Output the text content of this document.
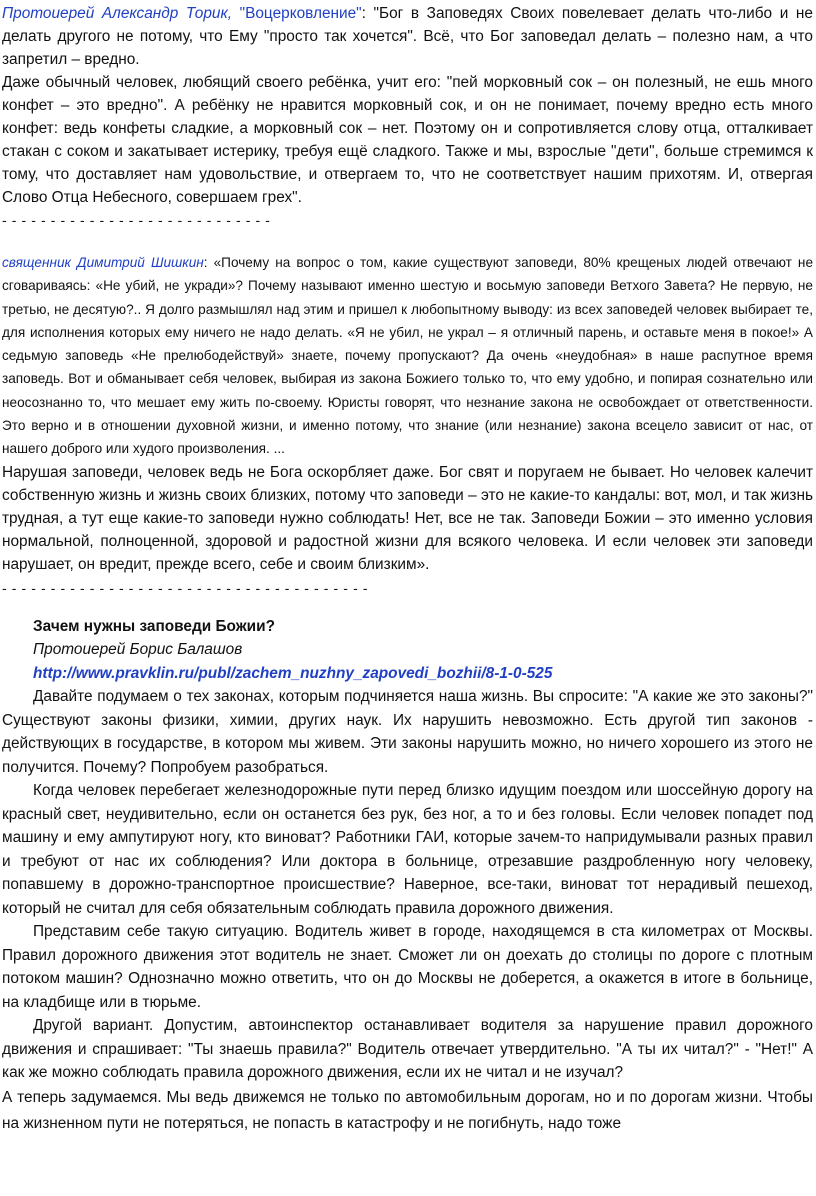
Протоиерей Александр Торик, "Воцерковление": "Бог в Заповедях Своих повелевает делать что-либо и не делать другого не потому, что Ему "просто так хочется". Всё, что Бог заповедал делать – полезно нам, а что запретил – вредно.

Даже обычный человек, любящий своего ребёнка, учит его: "пей морковный сок – он полезный, не ешь много конфет – это вредно". А ребёнку не нравится морковный сок, и он не понимает, почему вредно есть много конфет: ведь конфеты сладкие, а морковный сок – нет. Поэтому он и сопротивляется слову отца, отталкивает стакан с соком и закатывает истерику, требуя ещё сладкого. Также и мы, взрослые "дети", больше стремимся к тому, что доставляет нам удовольствие, и отвергаем то, что не соответствует нашим прихотям. И, отвергая Слово Отца Небесного, совершаем грех".

- - - - - - - - - - - - - - - - - - - - - - - - - - - -

священник Димитрий Шишкин: «Почему на вопрос о том, какие существуют заповеди, 80% крещеных людей отвечают не сговариваясь: «Не убий, не укради»? Почему называют именно шестую и восьмую заповеди Ветхого Завета? Не первую, не третью, не десятую?.. Я долго размышлял над этим и пришел к любопытному выводу: из всех заповедей человек выбирает те, для исполнения которых ему ничего не надо делать. «Я не убил, не украл – я отличный парень, и оставьте меня в покое!» А седьмую заповедь «Не прелюбодействуй» знаете, почему пропускают? Да очень «неудобная» в наше распутное время заповедь. Вот и обманывает себя человек, выбирая из закона Божиего только то, что ему удобно, и попирая сознательно или неосознанно то, что мешает ему жить по-своему. Юристы говорят, что незнание закона не освобождает от ответственности. Это верно и в отношении духовной жизни, и именно потому, что знание (или незнание) закона всецело зависит от нас, от нашего доброго или худого произволения. ...

Нарушая заповеди, человек ведь не Бога оскорбляет даже. Бог свят и поругаем не бывает. Но человек калечит собственную жизнь и жизнь своих близких, потому что заповеди – это не какие-то кандалы: вот, мол, и так жизнь трудная, а тут еще какие-то заповеди нужно соблюдать! Нет, все не так. Заповеди Божии – это именно условия нормальной, полноценной, здоровой и радостной жизни для всякого человека. И если человек эти заповеди нарушает, он вредит, прежде всего, себе и своим близким».

- - - - - - - - - - - - - - - - - - - - - - - - - - - - - - - - - - - - - -
Зачем нужны заповеди Божии?
Протоиерей Борис Балашов
http://www.pravklin.ru/publ/zachem_nuzhny_zapovedi_bozhii/8-1-0-525

Давайте подумаем о тех законах, которым подчиняется наша жизнь. Вы спросите: "А какие же это законы?" Существуют законы физики, химии, других наук. Их нарушить невозможно. Есть другой тип законов - действующих в государстве, в котором мы живем. Эти законы нарушить можно, но ничего хорошего из этого не получится. Почему? Попробуем разобраться.

Когда человек перебегает железнодорожные пути перед близко идущим поездом или шоссейную дорогу на красный свет, неудивительно, если он останется без рук, без ног, а то и без головы. Если человек попадет под машину и ему ампутируют ногу, кто виноват? Работники ГАИ, которые зачем-то напридумывали разных правил и требуют от нас их соблюдения? Или доктора в больнице, отрезавшие раздробленную ногу человеку, попавшему в дорожно-транспортное происшествие? Наверное, все-таки, виноват тот нерадивый пешеход, который не считал для себя обязательным соблюдать правила дорожного движения.

Представим себе такую ситуацию. Водитель живет в городе, находящемся в ста километрах от Москвы. Правил дорожного движения этот водитель не знает. Сможет ли он доехать до столицы по дороге с плотным потоком машин? Однозначно можно ответить, что он до Москвы не доберется, а окажется в итоге в больнице, на кладбище или в тюрьме.

Другой вариант. Допустим, автоинспектор останавливает водителя за нарушение правил дорожного движения и спрашивает: "Ты знаешь правила?" Водитель отвечает утвердительно. "А ты их читал?" - "Нет!" А как же можно соблюдать правила дорожного движения, если их не читал и не изучал?

А теперь задумаемся. Мы ведь движемся не только по автомобильным дорогам, но и по дорогам жизни. Чтобы на жизненном пути не потеряться, не попасть в катастрофу и не погибнуть, надо тоже
